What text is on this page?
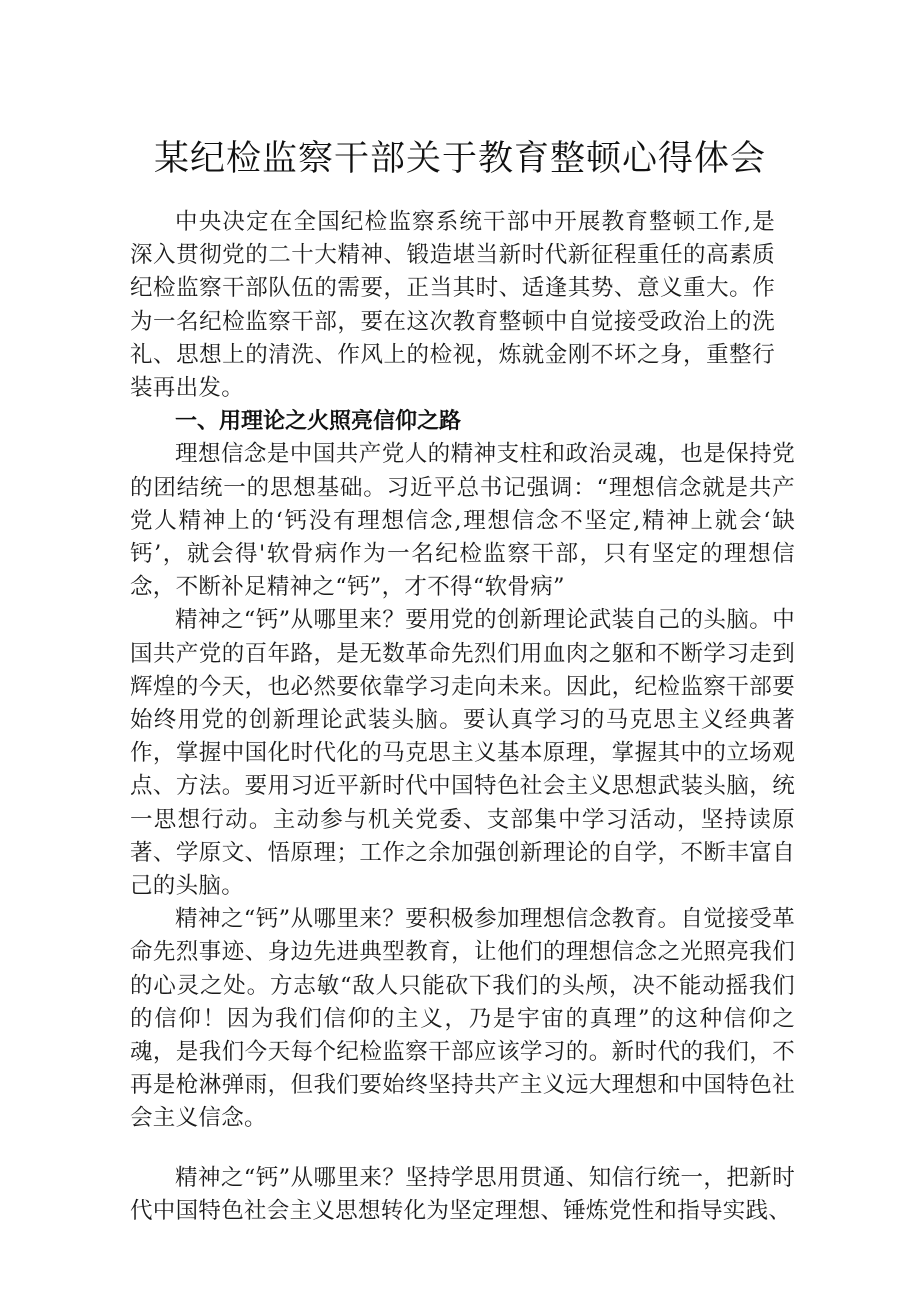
某纪检监察干部关于教育整顿心得体会

中央决定在全国纪检监察系统干部中开展教育整顿工作,是深入贯彻党的二十大精神、锻造堪当新时代新征程重任的高素质纪检监察干部队伍的需要，正当其时、适逢其势、意义重大。作为一名纪检监察干部，要在这次教育整顿中自觉接受政治上的洗礼、思想上的清洗、作风上的检视，炼就金刚不坏之身，重整行装再出发。

一、用理论之火照亮信仰之路

理想信念是中国共产党人的精神支柱和政治灵魂，也是保持党的团结统一的思想基础。习近平总书记强调：“理想信念就是共产党人精神上的‘钙没有理想信念,理想信念不坚定,精神上就会‘缺钙’，就会得'软骨病作为一名纪检监察干部，只有坚定的理想信念，不断补足精神之“钙”，才不得“软骨病”

精神之“钙”从哪里来？要用党的创新理论武装自己的头脑。中国共产党的百年路，是无数革命先烈们用血肉之躯和不断学习走到辉煌的今天，也必然要依靠学习走向未来。因此，纪检监察干部要始终用党的创新理论武装头脑。要认真学习的马克思主义经典著作，掌握中国化时代化的马克思主义基本原理，掌握其中的立场观点、方法。要用习近平新时代中国特色社会主义思想武装头脑，统一思想行动。主动参与机关党委、支部集中学习活动，坚持读原著、学原文、悟原理；工作之余加强创新理论的自学，不断丰富自己的头脑。

精神之“钙”从哪里来？要积极参加理想信念教育。自觉接受革命先烈事迹、身边先进典型教育，让他们的理想信念之光照亮我们的心灵之处。方志敏“敌人只能砍下我们的头颅，决不能动摇我们的信仰！因为我们信仰的主义，乃是宇宙的真理”的这种信仰之魂，是我们今天每个纪检监察干部应该学习的。新时代的我们，不再是枪淋弹雨，但我们要始终坚持共产主义远大理想和中国特色社会主义信念。

精神之“钙”从哪里来？坚持学思用贯通、知信行统一，把新时代中国特色社会主义思想转化为坚定理想、锤炼党性和指导实践、
